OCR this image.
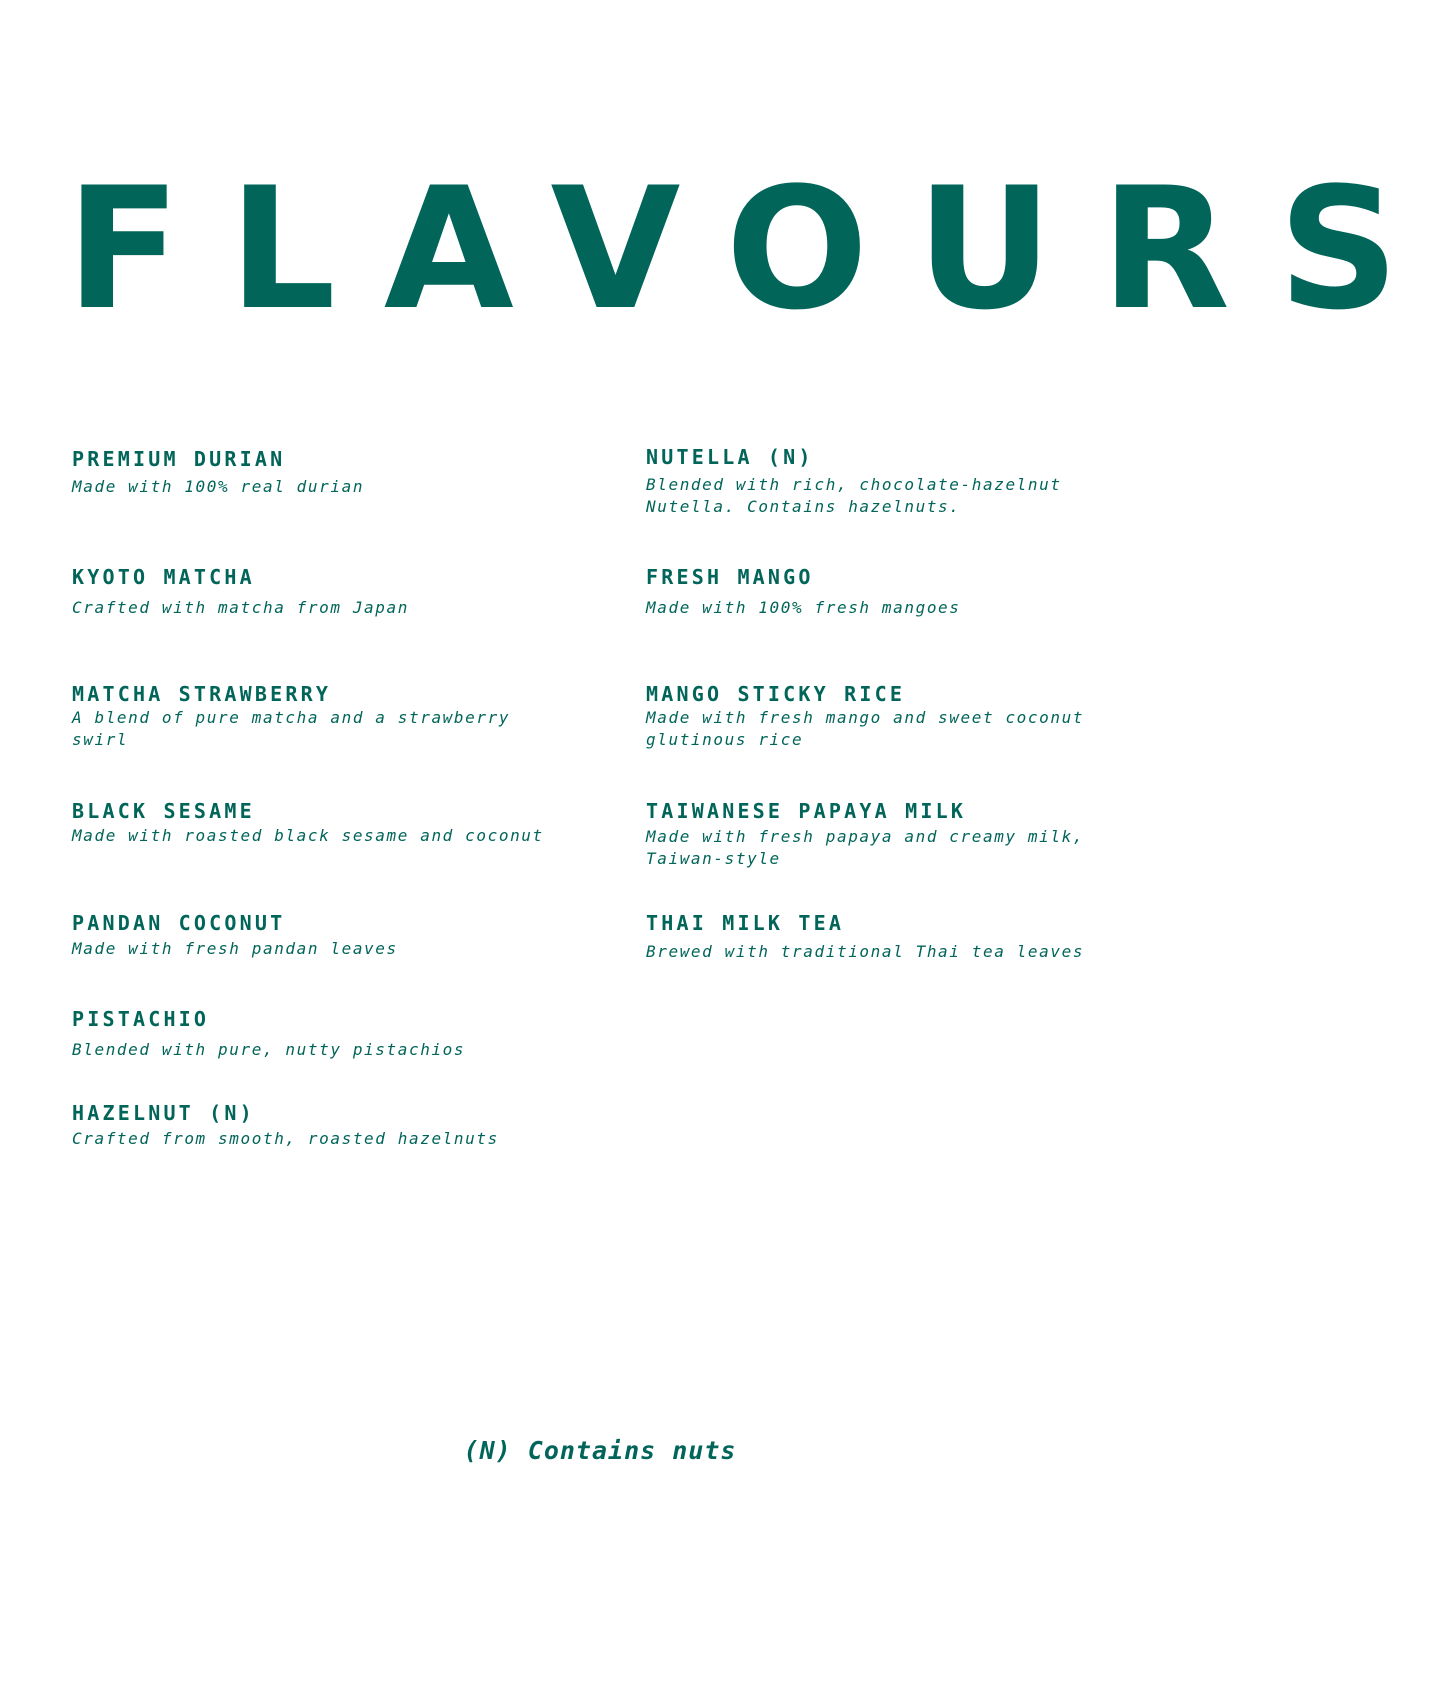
FLAVOURS

PREMIUM DURIAN

Made with 100% real durian

KYOTO MATCHA

Crafted with matcha from Japan

MATCHA STRAWBERRY

A blend of pure matcha and a strawberry swirl

BLACK SESAME

Made with roasted black sesame and coconut

PANDAN COCONUT

Made with fresh pandan leaves

PISTACHIO

Blended with pure, nutty pistachios

HAZELNUT (N)

Crafted from smooth, roasted hazelnuts

NUTELLA (N)

Blended with rich, chocolate-hazelnut Nutella. Contains hazelnuts.

FRESH MANGO

Made with 100% fresh mangoes

MANGO STICKY RICE

Made with fresh mango and sweet coconut glutinous rice

TAIWANESE PAPAYA MILK

Made with fresh papaya and creamy milk, Taiwan-style

THAI MILK TEA

Brewed with traditional Thai tea leaves

(N) Contains nuts
